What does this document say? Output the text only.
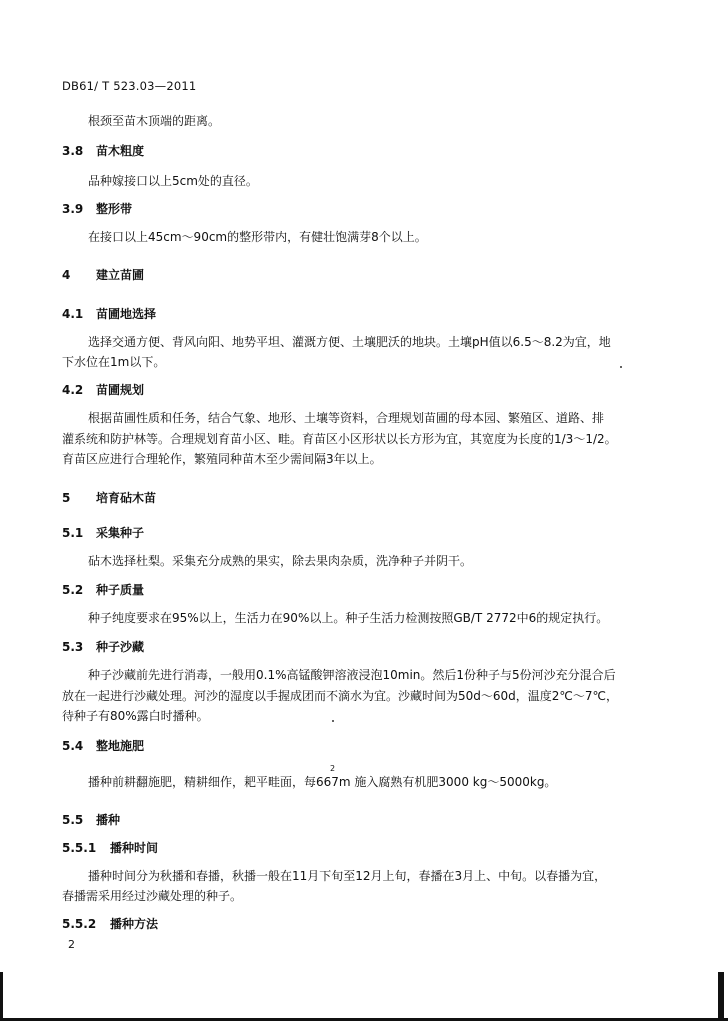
DB61/ T 523.03—2011
根颈至苗木顶端的距离。
3.8 苗木粗度
品种嫁接口以上5cm处的直径。
3.9 整形带
在接口以上45cm～90cm的整形带内，有健壮饱满芽8个以上。
4 建立苗圃
4.1 苗圃地选择
选择交通方便、背风向阳、地势平坦、灌溉方便、土壤肥沃的地块。土壤pH值以6.5～8.2为宜，地
下水位在1m以下。
4.2 苗圃规划
根据苗圃性质和任务，结合气象、地形、土壤等资料，合理规划苗圃的母本园、繁殖区、道路、排
灌系统和防护林等。合理规划育苗小区、畦。育苗区小区形状以长方形为宜，其宽度为长度的1/3～1/2。
育苗区应进行合理轮作，繁殖同种苗木至少需间隔3年以上。
5 培育砧木苗
5.1 采集种子
砧木选择杜梨。采集充分成熟的果实，除去果肉杂质，洗净种子并阴干。
5.2 种子质量
种子纯度要求在95%以上，生活力在90%以上。种子生活力检测按照GB/T 2772中6的规定执行。
5.3 种子沙藏
种子沙藏前先进行消毒，一般用0.1%高锰酸钾溶液浸泡10min。然后1份种子与5份河沙充分混合后
放在一起进行沙藏处理。河沙的湿度以手握成团而不滴水为宜。沙藏时间为50d～60d，温度2℃～7℃，
待种子有80%露白时播种。
5.4 整地施肥
播种前耕翻施肥，精耕细作，耙平畦面，每667m 施入腐熟有机肥3000 kg～5000kg。
5.5 播种
5.5.1 播种时间
播种时间分为秋播和春播，秋播一般在11月下旬至12月上旬，春播在3月上、中旬。以春播为宜，
春播需采用经过沙藏处理的种子。
5.5.2 播种方法
2
2
